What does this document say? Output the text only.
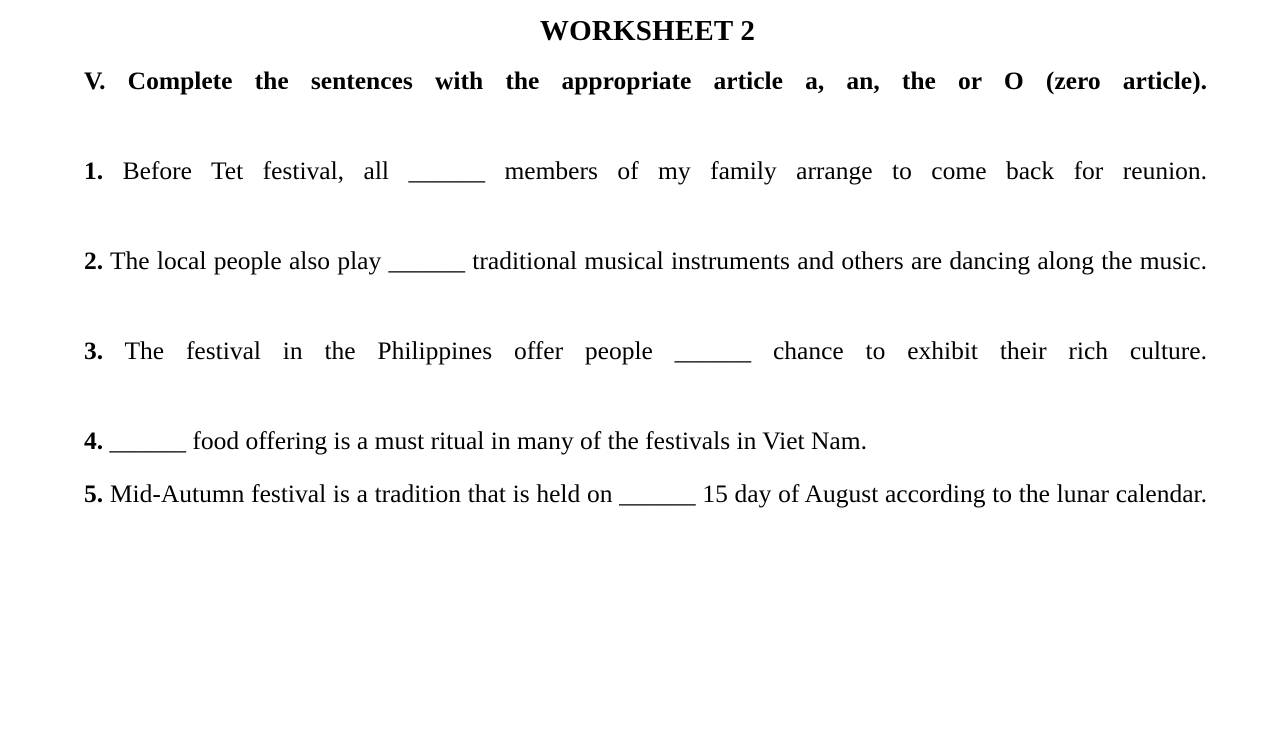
WORKSHEET 2

V. Complete the sentences with the appropriate article a, an, the or O (zero article).

1. Before Tet festival, all ______ members of my family arrange to come back for reunion.

2. The local people also play ______ traditional musical instruments and others are dancing along the music.

3. The festival in the Philippines offer people ______ chance to exhibit their rich culture.

4. ______ food offering is a must ritual in many of the festivals in Viet Nam.

5. Mid-Autumn festival is a tradition that is held on ______ 15 day of August according to the lunar calendar.
